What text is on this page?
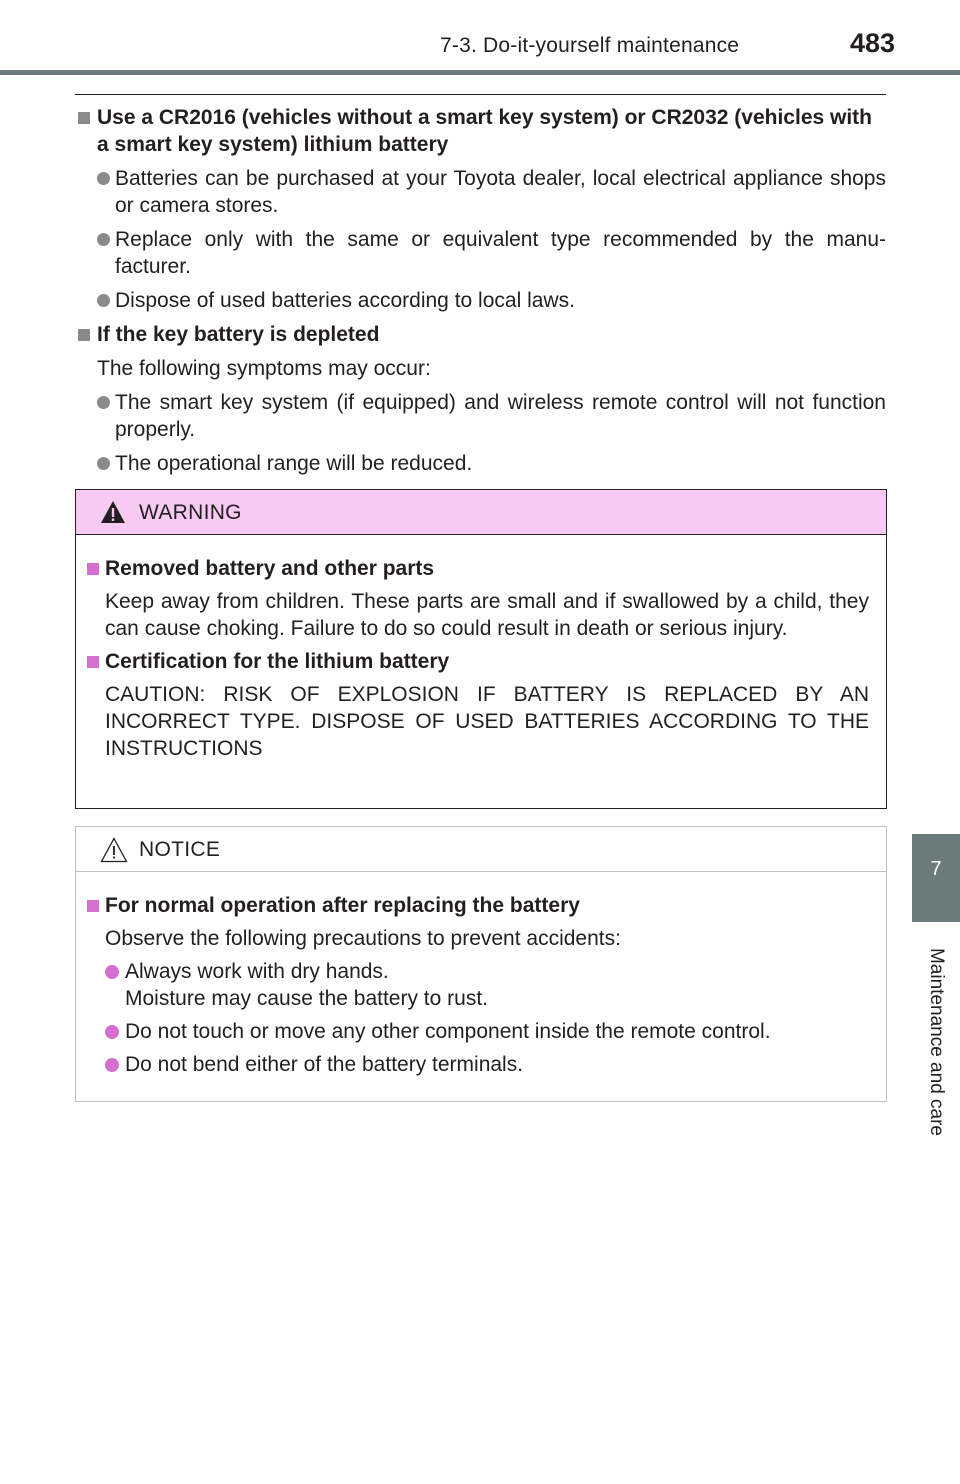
7-3. Do-it-yourself maintenance	483
7
Maintenance and care
Use a CR2016 (vehicles without a smart key system) or CR2032 (vehicles with a smart key system) lithium battery
Batteries can be purchased at your Toyota dealer, local electrical appliance shops or camera stores.
Replace only with the same or equivalent type recommended by the manu-facturer.
Dispose of used batteries according to local laws.
If the key battery is depleted
The following symptoms may occur:
The smart key system (if equipped) and wireless remote control will not function properly.
The operational range will be reduced.
WARNING
Removed battery and other parts
Keep away from children. These parts are small and if swallowed by a child, they can cause choking. Failure to do so could result in death or serious injury.
Certification for the lithium battery
CAUTION: RISK OF EXPLOSION IF BATTERY IS REPLACED BY AN INCORRECT TYPE. DISPOSE OF USED BATTERIES ACCORDING TO THE INSTRUCTIONS
NOTICE
For normal operation after replacing the battery
Observe the following precautions to prevent accidents:
Always work with dry hands.
Moisture may cause the battery to rust.
Do not touch or move any other component inside the remote control.
Do not bend either of the battery terminals.
